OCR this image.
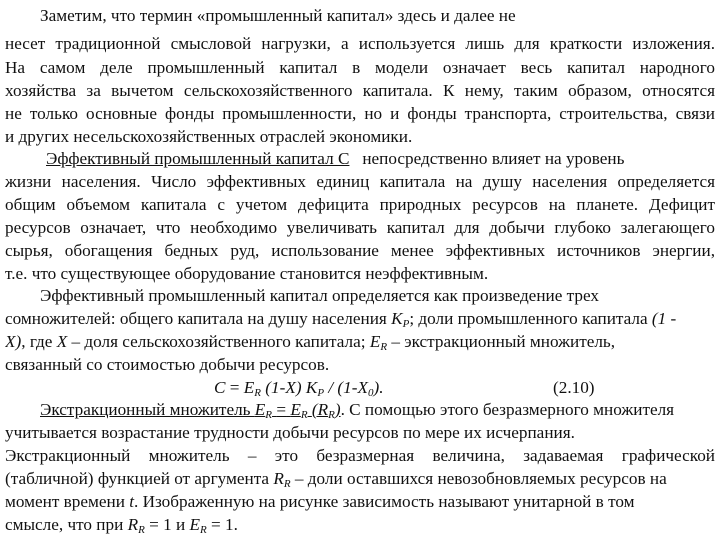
Заметим, что термин «промышленный капитал» здесь и далее не
несет традиционной смысловой нагрузки, а используется лишь для краткости изложения.
На самом деле промышленный капитал в модели означает весь капитал народного
хозяйства за вычетом сельскохозяйственного капитала. К нему, таким образом, относятся
не только основные фонды промышленности, но и фонды транспорта, строительства, связи
и других несельскохозяйственных отраслей экономики.
Эффективный промышленный капитал C непосредственно влияет на уровень
жизни населения. Число эффективных единиц капитала на душу населения определяется
общим объемом капитала с учетом дефицита природных ресурсов на планете. Дефицит
ресурсов означает, что необходимо увеличивать капитал для добычи глубоко залегающего
сырья, обогащения бедных руд, использование менее эффективных источников энергии,
т.е. что существующее оборудование становится неэффективным.
Эффективный промышленный капитал определяется как произведение трех
сомножителей: общего капитала на душу населения $K_P$; доли промышленного капитала (1 -
X), где X – доля сельскохозяйственного капитала; $E_R$ – экстракционный множитель,
связанный со стоимостью добычи ресурсов.
$C = E_R$ (1-X) $K_P / (1-X_0)$.	(2.10)
Экстракционный множитель $E_R = E_R$ $(R_R)$. С помощью этого безразмерного множителя
учитывается возрастание трудности добычи ресурсов по мере их исчерпания.
Экстракционный множитель – это безразмерная величина, задаваемая графической
(табличной) функцией от аргумента $R_R$ – доли оставшихся невозобновляемых ресурсов на
момент времени t. Изображенную на рисунке зависимость называют унитарной в том
смысле, что при $R_R = 1$ и $E_R = 1$.
